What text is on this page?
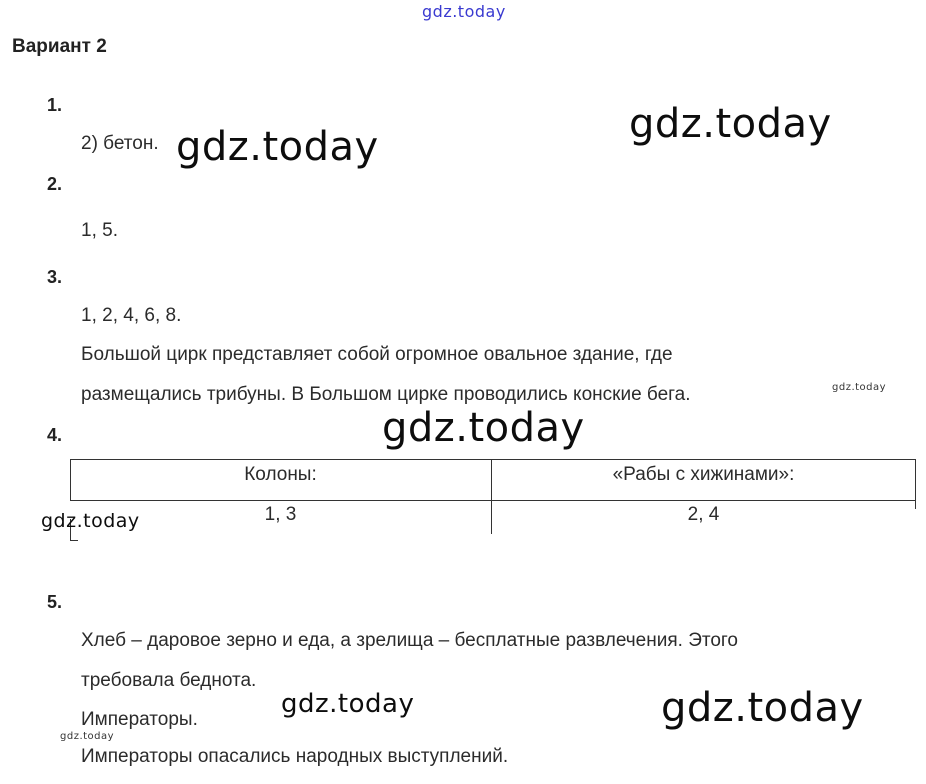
gdz.today
Вариант 2
1.
2) бетон.
2.
1, 5.
3.
1, 2, 4, 6, 8.
Большой цирк представляет собой огромное овальное здание, где
размещались трибуны. В Большом цирке проводились конские бега.
4.
Колоны:	«Рабы с хижинами»:
1, 3	2, 4
5.
Хлеб – даровое зерно и еда, а зрелища – бесплатные развлечения. Этого
требовала беднота.
Императоры.
Императоры опасались народных выступлений.
gdz.today	gdz.today
gdz.today
gdz.today
gdz.today
gdz.today	gdz.today
gdz.today
